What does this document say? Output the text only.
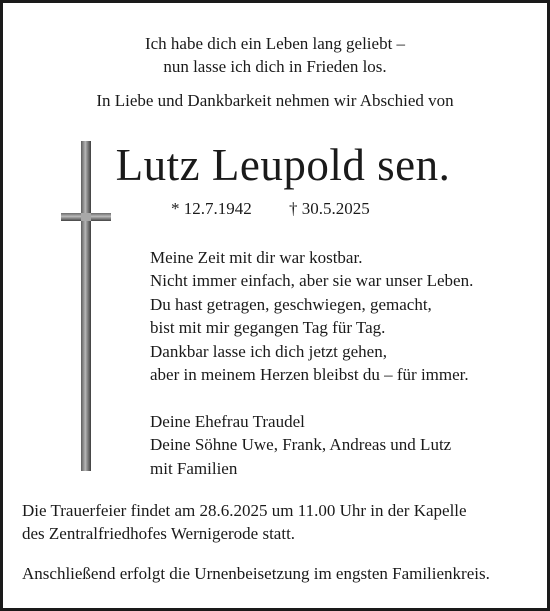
Ich habe dich ein Leben lang geliebt –
nun lasse ich dich in Frieden los.
In Liebe und Dankbarkeit nehmen wir Abschied von
Lutz Leupold sen.
* 12.7.1942 † 30.5.2025
Meine Zeit mit dir war kostbar.
Nicht immer einfach, aber sie war unser Leben.
Du hast getragen, geschwiegen, gemacht,
bist mit mir gegangen Tag für Tag.
Dankbar lasse ich dich jetzt gehen,
aber in meinem Herzen bleibst du – für immer.
Deine Ehefrau Traudel
Deine Söhne Uwe, Frank, Andreas und Lutz
mit Familien
Die Trauerfeier findet am 28.6.2025 um 11.00 Uhr in der Kapelle
des Zentralfriedhofes Wernigerode statt.
Anschließend erfolgt die Urnenbeisetzung im engsten Familienkreis.
